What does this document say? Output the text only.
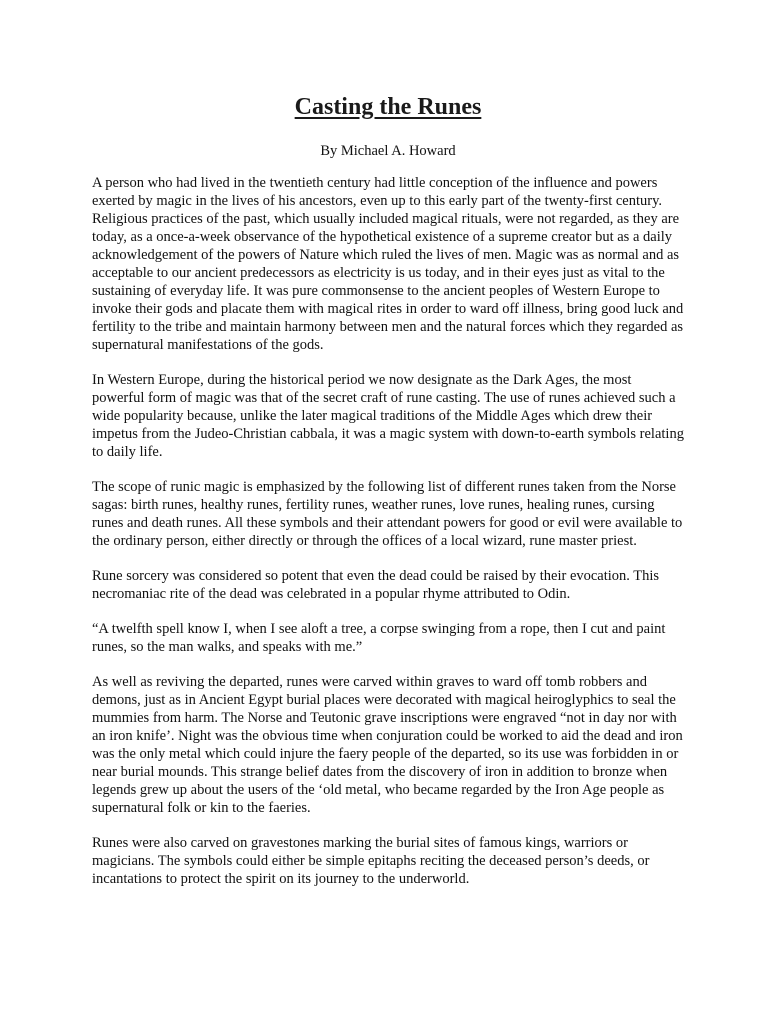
Casting the Runes

By Michael A. Howard

A person who had lived in the twentieth century had little conception of the influence and powers exerted by magic in the lives of his ancestors, even up to this early part of the twenty-first century. Religious practices of the past, which usually included magical rituals, were not regarded, as they are today, as a once-a-week observance of the hypothetical existence of a supreme creator but as a daily acknowledgement of the powers of Nature which ruled the lives of men. Magic was as normal and as acceptable to our ancient predecessors as electricity is us today, and in their eyes just as vital to the sustaining of everyday life. It was pure commonsense to the ancient peoples of Western Europe to invoke their gods and placate them with magical rites in order to ward off illness, bring good luck and fertility to the tribe and maintain harmony between men and the natural forces which they regarded as supernatural manifestations of the gods.

In Western Europe, during the historical period we now designate as the Dark Ages, the most powerful form of magic was that of the secret craft of rune casting. The use of runes achieved such a wide popularity because, unlike the later magical traditions of the Middle Ages which drew their impetus from the Judeo-Christian cabbala, it was a magic system with down-to-earth symbols relating to daily life.

The scope of runic magic is emphasized by the following list of different runes taken from the Norse sagas: birth runes, healthy runes, fertility runes, weather runes, love runes, healing runes, cursing runes and death runes. All these symbols and their attendant powers for good or evil were available to the ordinary person, either directly or through the offices of a local wizard, rune master priest.

Rune sorcery was considered so potent that even the dead could be raised by their evocation. This necromaniac rite of the dead was celebrated in a popular rhyme attributed to Odin.

“A twelfth spell know I, when I see aloft a tree, a corpse swinging from a rope, then I cut and paint runes, so the man walks, and speaks with me.”

As well as reviving the departed, runes were carved within graves to ward off tomb robbers and demons, just as in Ancient Egypt burial places were decorated with magical heiroglyphics to seal the mummies from harm. The Norse and Teutonic grave inscriptions were engraved “not in day nor with an iron knife’. Night was the obvious time when conjuration could be worked to aid the dead and iron was the only metal which could injure the faery people of the departed, so its use was forbidden in or near burial mounds. This strange belief dates from the discovery of iron in addition to bronze when legends grew up about the users of the ‘old metal, who became regarded by the Iron Age people as supernatural folk or kin to the faeries.

Runes were also carved on gravestones marking the burial sites of famous kings, warriors or magicians. The symbols could either be simple epitaphs reciting the deceased person’s deeds, or incantations to protect the spirit on its journey to the underworld.
